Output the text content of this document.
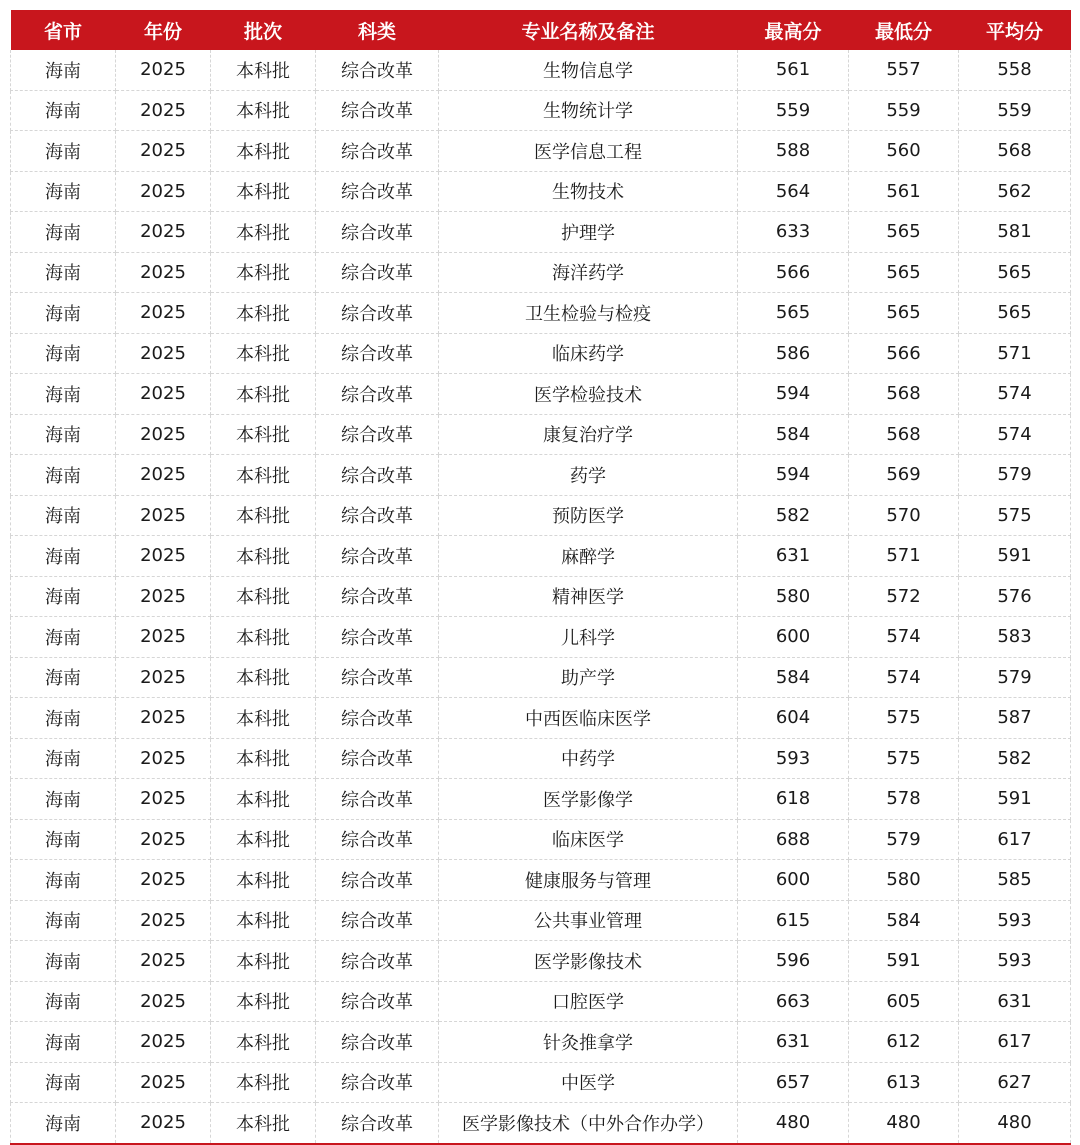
省市	年份	批次	科类	专业名称及备注	最高分	最低分	平均分
海南	2025	本科批	综合改革	生物信息学	561	557	558
海南	2025	本科批	综合改革	生物统计学	559	559	559
海南	2025	本科批	综合改革	医学信息工程	588	560	568
海南	2025	本科批	综合改革	生物技术	564	561	562
海南	2025	本科批	综合改革	护理学	633	565	581
海南	2025	本科批	综合改革	海洋药学	566	565	565
海南	2025	本科批	综合改革	卫生检验与检疫	565	565	565
海南	2025	本科批	综合改革	临床药学	586	566	571
海南	2025	本科批	综合改革	医学检验技术	594	568	574
海南	2025	本科批	综合改革	康复治疗学	584	568	574
海南	2025	本科批	综合改革	药学	594	569	579
海南	2025	本科批	综合改革	预防医学	582	570	575
海南	2025	本科批	综合改革	麻醉学	631	571	591
海南	2025	本科批	综合改革	精神医学	580	572	576
海南	2025	本科批	综合改革	儿科学	600	574	583
海南	2025	本科批	综合改革	助产学	584	574	579
海南	2025	本科批	综合改革	中西医临床医学	604	575	587
海南	2025	本科批	综合改革	中药学	593	575	582
海南	2025	本科批	综合改革	医学影像学	618	578	591
海南	2025	本科批	综合改革	临床医学	688	579	617
海南	2025	本科批	综合改革	健康服务与管理	600	580	585
海南	2025	本科批	综合改革	公共事业管理	615	584	593
海南	2025	本科批	综合改革	医学影像技术	596	591	593
海南	2025	本科批	综合改革	口腔医学	663	605	631
海南	2025	本科批	综合改革	针灸推拿学	631	612	617
海南	2025	本科批	综合改革	中医学	657	613	627
海南	2025	本科批	综合改革	医学影像技术（中外合作办学）	480	480	480
